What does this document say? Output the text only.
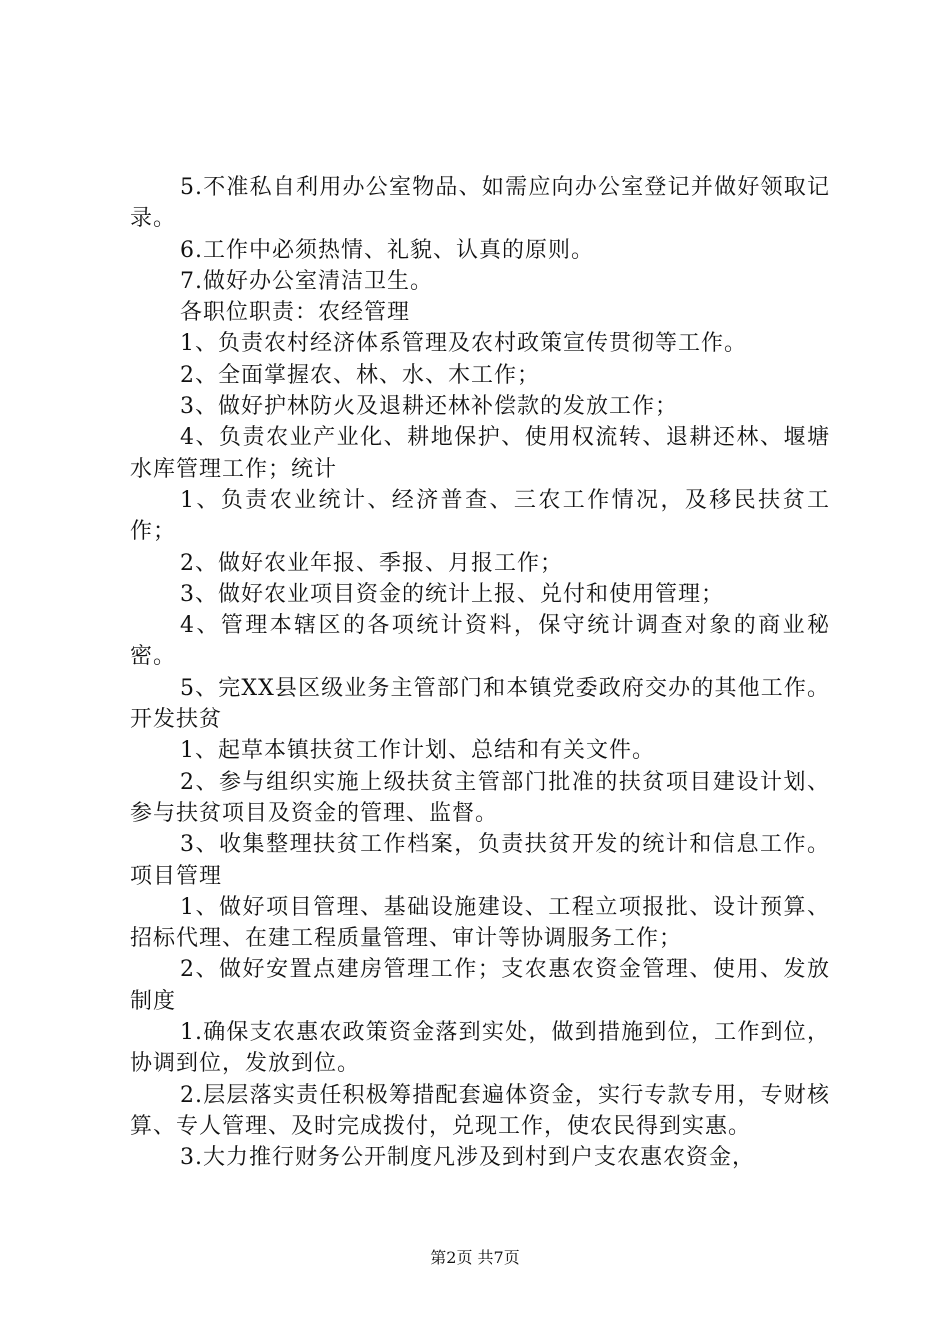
5.不准私自利用办公室物品、如需应向办公室登记并做好领取记录。

6.工作中必须热情、礼貌、认真的原则。

7.做好办公室清洁卫生。

各职位职责：农经管理

1、负责农村经济体系管理及农村政策宣传贯彻等工作。

2、全面掌握农、林、水、木工作；

3、做好护林防火及退耕还林补偿款的发放工作；

4、负责农业产业化、耕地保护、使用权流转、退耕还林、堰塘水库管理工作；统计

1、负责农业统计、经济普查、三农工作情况，及移民扶贫工作；

2、做好农业年报、季报、月报工作；

3、做好农业项目资金的统计上报、兑付和使用管理；

4、管理本辖区的各项统计资料，保守统计调查对象的商业秘密。

5、完XX县区级业务主管部门和本镇党委政府交办的其他工作。开发扶贫

1、起草本镇扶贫工作计划、总结和有关文件。

2、参与组织实施上级扶贫主管部门批准的扶贫项目建设计划、参与扶贫项目及资金的管理、监督。

3、收集整理扶贫工作档案，负责扶贫开发的统计和信息工作。项目管理

1、做好项目管理、基础设施建设、工程立项报批、设计预算、招标代理、在建工程质量管理、审计等协调服务工作；

2、做好安置点建房管理工作；支农惠农资金管理、使用、发放制度

1.确保支农惠农政策资金落到实处，做到措施到位，工作到位，协调到位，发放到位。

2.层层落实责任积极筹措配套遍体资金，实行专款专用，专财核算、专人管理、及时完成拨付，兑现工作，使农民得到实惠。

3.大力推行财务公开制度凡涉及到村到户支农惠农资金，

第2页 共7页
